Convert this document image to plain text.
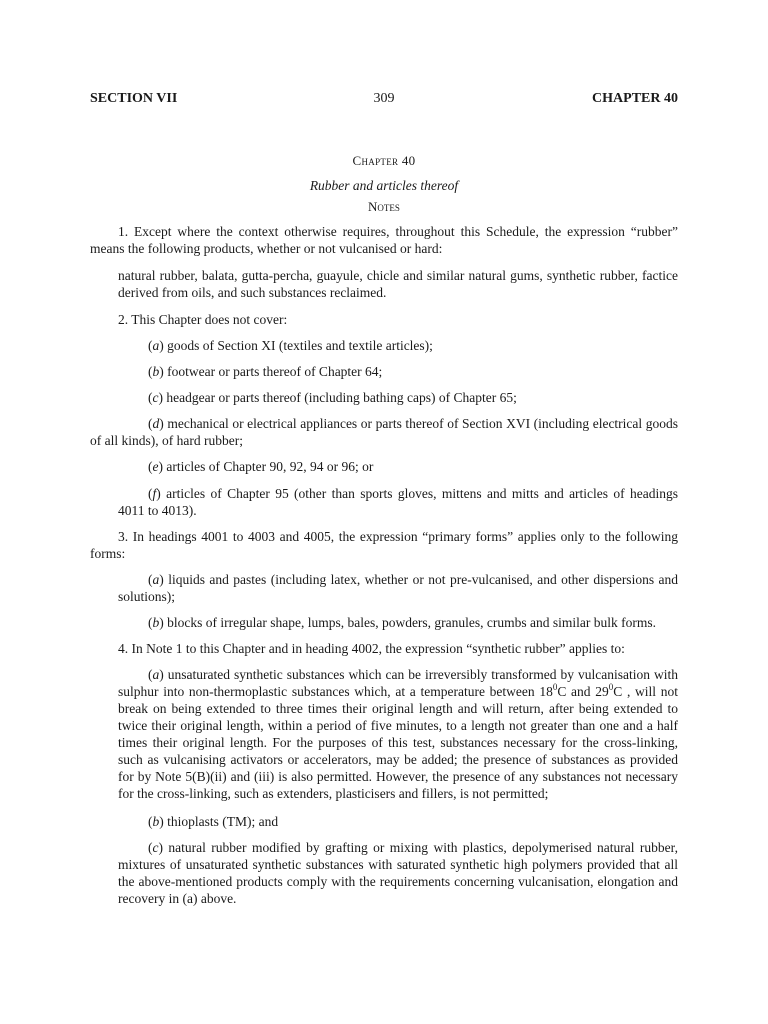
SECTION VII	309	CHAPTER 40
Chapter 40
Rubber and articles thereof
Notes

1. Except where the context otherwise requires, throughout this Schedule, the expression “rubber” means the following products, whether or not vulcanised or hard:

natural rubber, balata, gutta-percha, guayule, chicle and similar natural gums, synthetic rubber, factice derived from oils, and such substances reclaimed.

2. This Chapter does not cover:

(a) goods of Section XI (textiles and textile articles);

(b) footwear or parts thereof of Chapter 64;

(c) headgear or parts thereof (including bathing caps) of Chapter 65;

(d) mechanical or electrical appliances or parts thereof of Section XVI (including electrical goods of all kinds), of hard rubber;

(e) articles of Chapter 90, 92, 94 or 96; or

(f) articles of Chapter 95 (other than sports gloves, mittens and mitts and articles of headings 4011 to 4013).

3. In headings 4001 to 4003 and 4005, the expression “primary forms” applies only to the following forms:

(a) liquids and pastes (including latex, whether or not pre-vulcanised, and other dispersions and solutions);

(b) blocks of irregular shape, lumps, bales, powders, granules, crumbs and similar bulk forms.

4. In Note 1 to this Chapter and in heading 4002, the expression “synthetic rubber” applies to:

(a) unsaturated synthetic substances which can be irreversibly transformed by vulcanisation with sulphur into non-thermoplastic substances which, at a temperature between $18^0C$ and $29^0C$ , will not break on being extended to three times their original length and will return, after being extended to twice their original length, within a period of five minutes, to a length not greater than one and a half times their original length. For the purposes of this test, substances necessary for the cross-linking, such as vulcanising activators or accelerators, may be added; the presence of substances as provided for by Note 5(B)(ii) and (iii) is also permitted. However, the presence of any substances not necessary for the cross-linking, such as extenders, plasticisers and fillers, is not permitted;

(b) thioplasts (TM); and

(c) natural rubber modified by grafting or mixing with plastics, depolymerised natural rubber, mixtures of unsaturated synthetic substances with saturated synthetic high polymers provided that all the above-mentioned products comply with the requirements concerning vulcanisation, elongation and recovery in (a) above.
